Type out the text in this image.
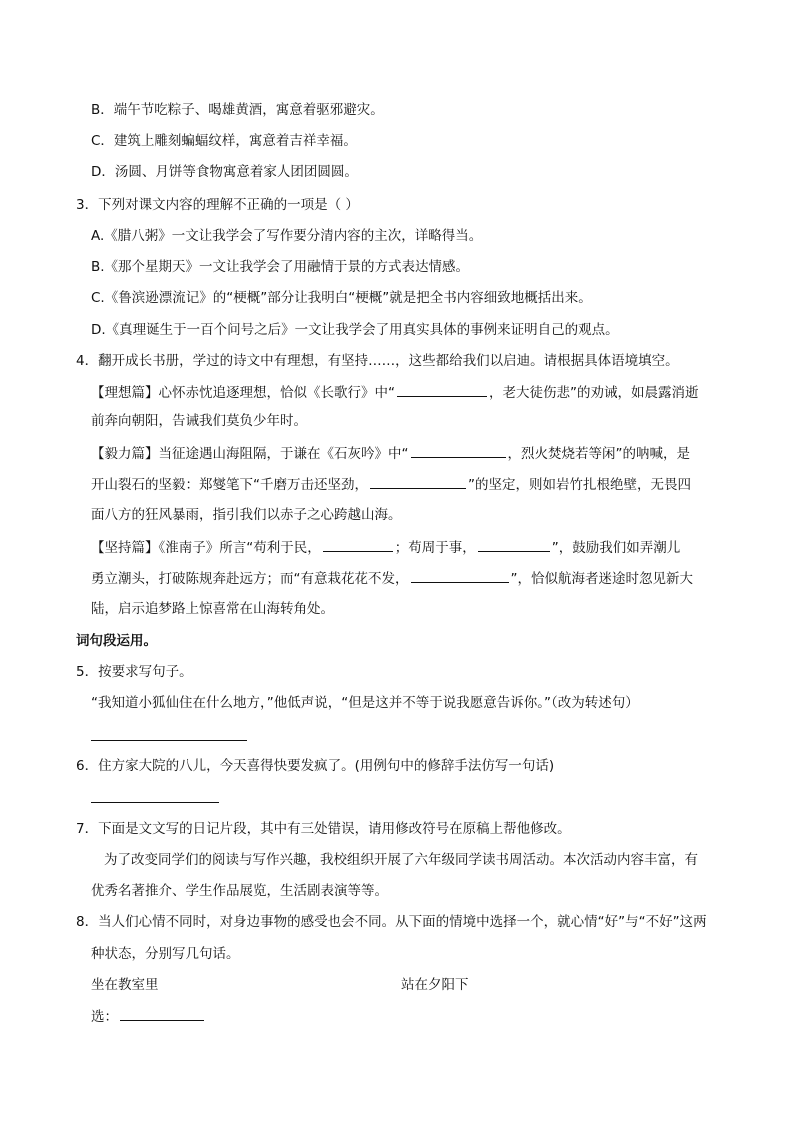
B．端午节吃粽子、喝雄黄酒，寓意着驱邪避灾。
C．建筑上雕刻蝙蝠纹样，寓意着吉祥幸福。
D．汤圆、月饼等食物寓意着家人团团圆圆。
3．下列对课文内容的理解不正确的一项是（ ）
A.《腊八粥》一文让我学会了写作要分清内容的主次，详略得当。
B.《那个星期天》一文让我学会了用融情于景的方式表达情感。
C.《鲁滨逊漂流记》的“梗概”部分让我明白“梗概”就是把全书内容细致地概括出来。
D.《真理诞生于一百个问号之后》一文让我学会了用真实具体的事例来证明自己的观点。
4．翻开成长书册，学过的诗文中有理想，有坚持……，这些都给我们以启迪。请根据具体语境填空。
【理想篇】心怀赤忱追逐理想，恰似《长歌行》中“	，老大徒伤悲”的劝诫，如晨露消逝
前奔向朝阳，告诫我们莫负少年时。
【毅力篇】当征途遇山海阻隔，于谦在《石灰吟》中“	，烈火焚烧若等闲”的呐喊，是
开山裂石的坚毅：郑燮笔下“千磨万击还坚劲，	”的坚定，则如岩竹扎根绝壁，无畏四
面八方的狂风暴雨，指引我们以赤子之心跨越山海。
【坚持篇】《淮南子》所言“苟利于民，	；苟周于事，	”，鼓励我们如弄潮儿
勇立潮头，打破陈规奔赴远方；而“有意栽花花不发，	”，恰似航海者迷途时忽见新大
陆，启示追梦路上惊喜常在山海转角处。
词句段运用。
5．按要求写句子。
“我知道小狐仙住在什么地方，”他低声说，“但是这并不等于说我愿意告诉你。”（改为转述句）
6．住方家大院的八儿，今天喜得快要发疯了。(用例句中的修辞手法仿写一句话)
7．下面是文文写的日记片段，其中有三处错误，请用修改符号在原稿上帮他修改。
为了改变同学们的阅读与写作兴趣，我校组织开展了六年级同学读书周活动。本次活动内容丰富，有
优秀名著推介、学生作品展览，生活剧表演等等。
8．当人们心情不同时，对身边事物的感受也会不同。从下面的情境中选择一个，就心情“好”与“不好”这两
种状态，分别写几句话。
坐在教室里	站在夕阳下
选：
